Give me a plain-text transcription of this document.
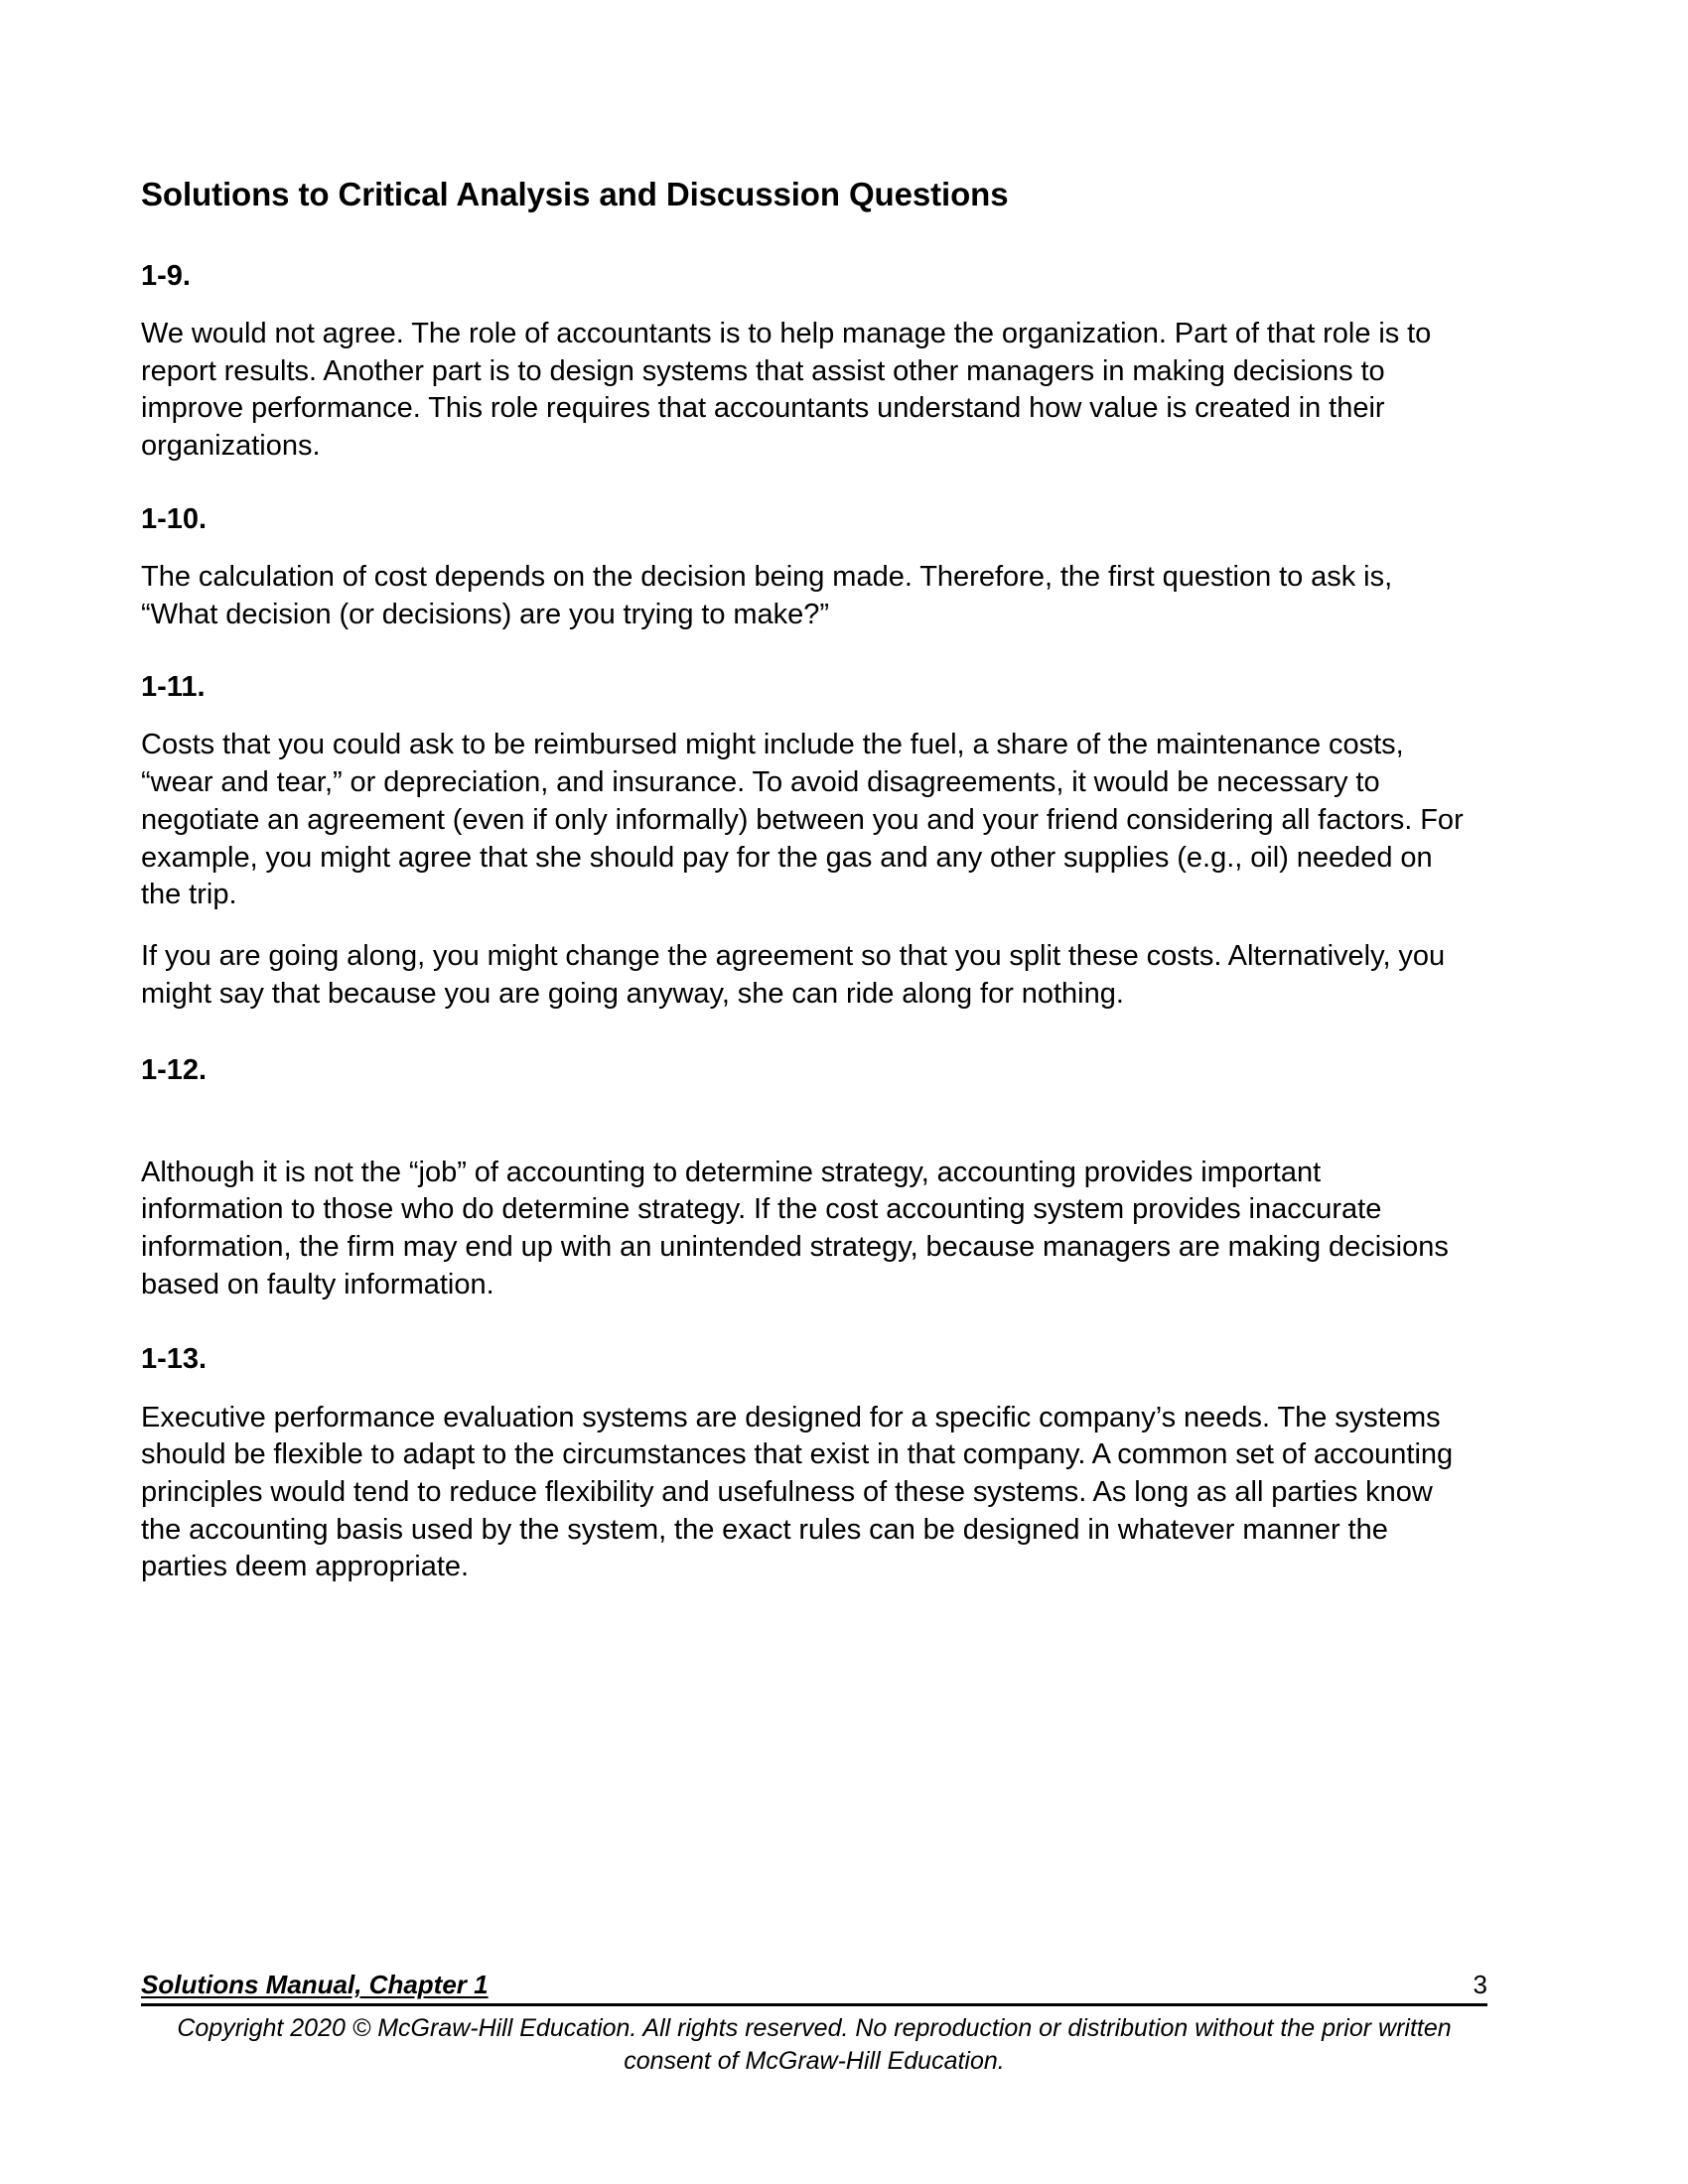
Solutions to Critical Analysis and Discussion Questions
1-9.

We would not agree. The role of accountants is to help manage the organization. Part of that role is to report results. Another part is to design systems that assist other managers in making decisions to improve performance. This role requires that accountants understand how value is created in their organizations.

1-10.

The calculation of cost depends on the decision being made. Therefore, the first question to ask is, “What decision (or decisions) are you trying to make?”

1-11.

Costs that you could ask to be reimbursed might include the fuel, a share of the maintenance costs, “wear and tear,” or depreciation, and insurance. To avoid disagreements, it would be necessary to negotiate an agreement (even if only informally) between you and your friend considering all factors. For example, you might agree that she should pay for the gas and any other supplies (e.g., oil) needed on the trip.

If you are going along, you might change the agreement so that you split these costs. Alternatively, you might say that because you are going anyway, she can ride along for nothing.

1-12.

Although it is not the “job” of accounting to determine strategy, accounting provides important information to those who do determine strategy. If the cost accounting system provides inaccurate information, the firm may end up with an unintended strategy, because managers are making decisions based on faulty information.

1-13.

Executive performance evaluation systems are designed for a specific company’s needs. The systems should be flexible to adapt to the circumstances that exist in that company. A common set of accounting principles would tend to reduce flexibility and usefulness of these systems. As long as all parties know the accounting basis used by the system, the exact rules can be designed in whatever manner the parties deem appropriate.

Solutions Manual, Chapter 1	3
Copyright 2020 © McGraw-Hill Education. All rights reserved. No reproduction or distribution without the prior written consent of McGraw-Hill Education.
